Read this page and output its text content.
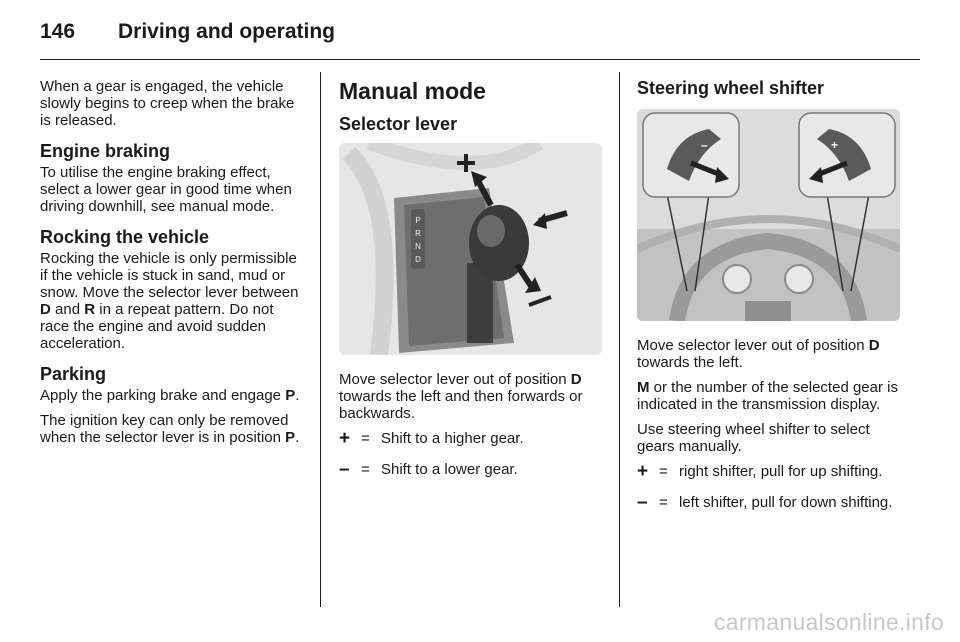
146 Driving and operating

When a gear is engaged, the vehicle slowly begins to creep when the brake is released.

Engine braking

To utilise the engine braking effect, select a lower gear in good time when driving downhill, see manual mode.

Rocking the vehicle

Rocking the vehicle is only permissible if the vehicle is stuck in sand, mud or snow. Move the selector lever between D and R in a repeat pattern. Do not race the engine and avoid sudden acceleration.

Parking

Apply the parking brake and engage P.

The ignition key can only be removed when the selector lever is in position P.

Manual mode
Selector lever
P
R
N
D

Move selector lever out of position D towards the left and then forwards or backwards.

+ = Shift to a higher gear.
– = Shift to a lower gear.
Steering wheel shifter
–	+

Move selector lever out of position D towards the left.

M or the number of the selected gear is indicated in the transmission display.

Use steering wheel shifter to select gears manually.

+ = right shifter, pull for up shifting.
– = left shifter, pull for down shifting.
carmanualsonline.info
